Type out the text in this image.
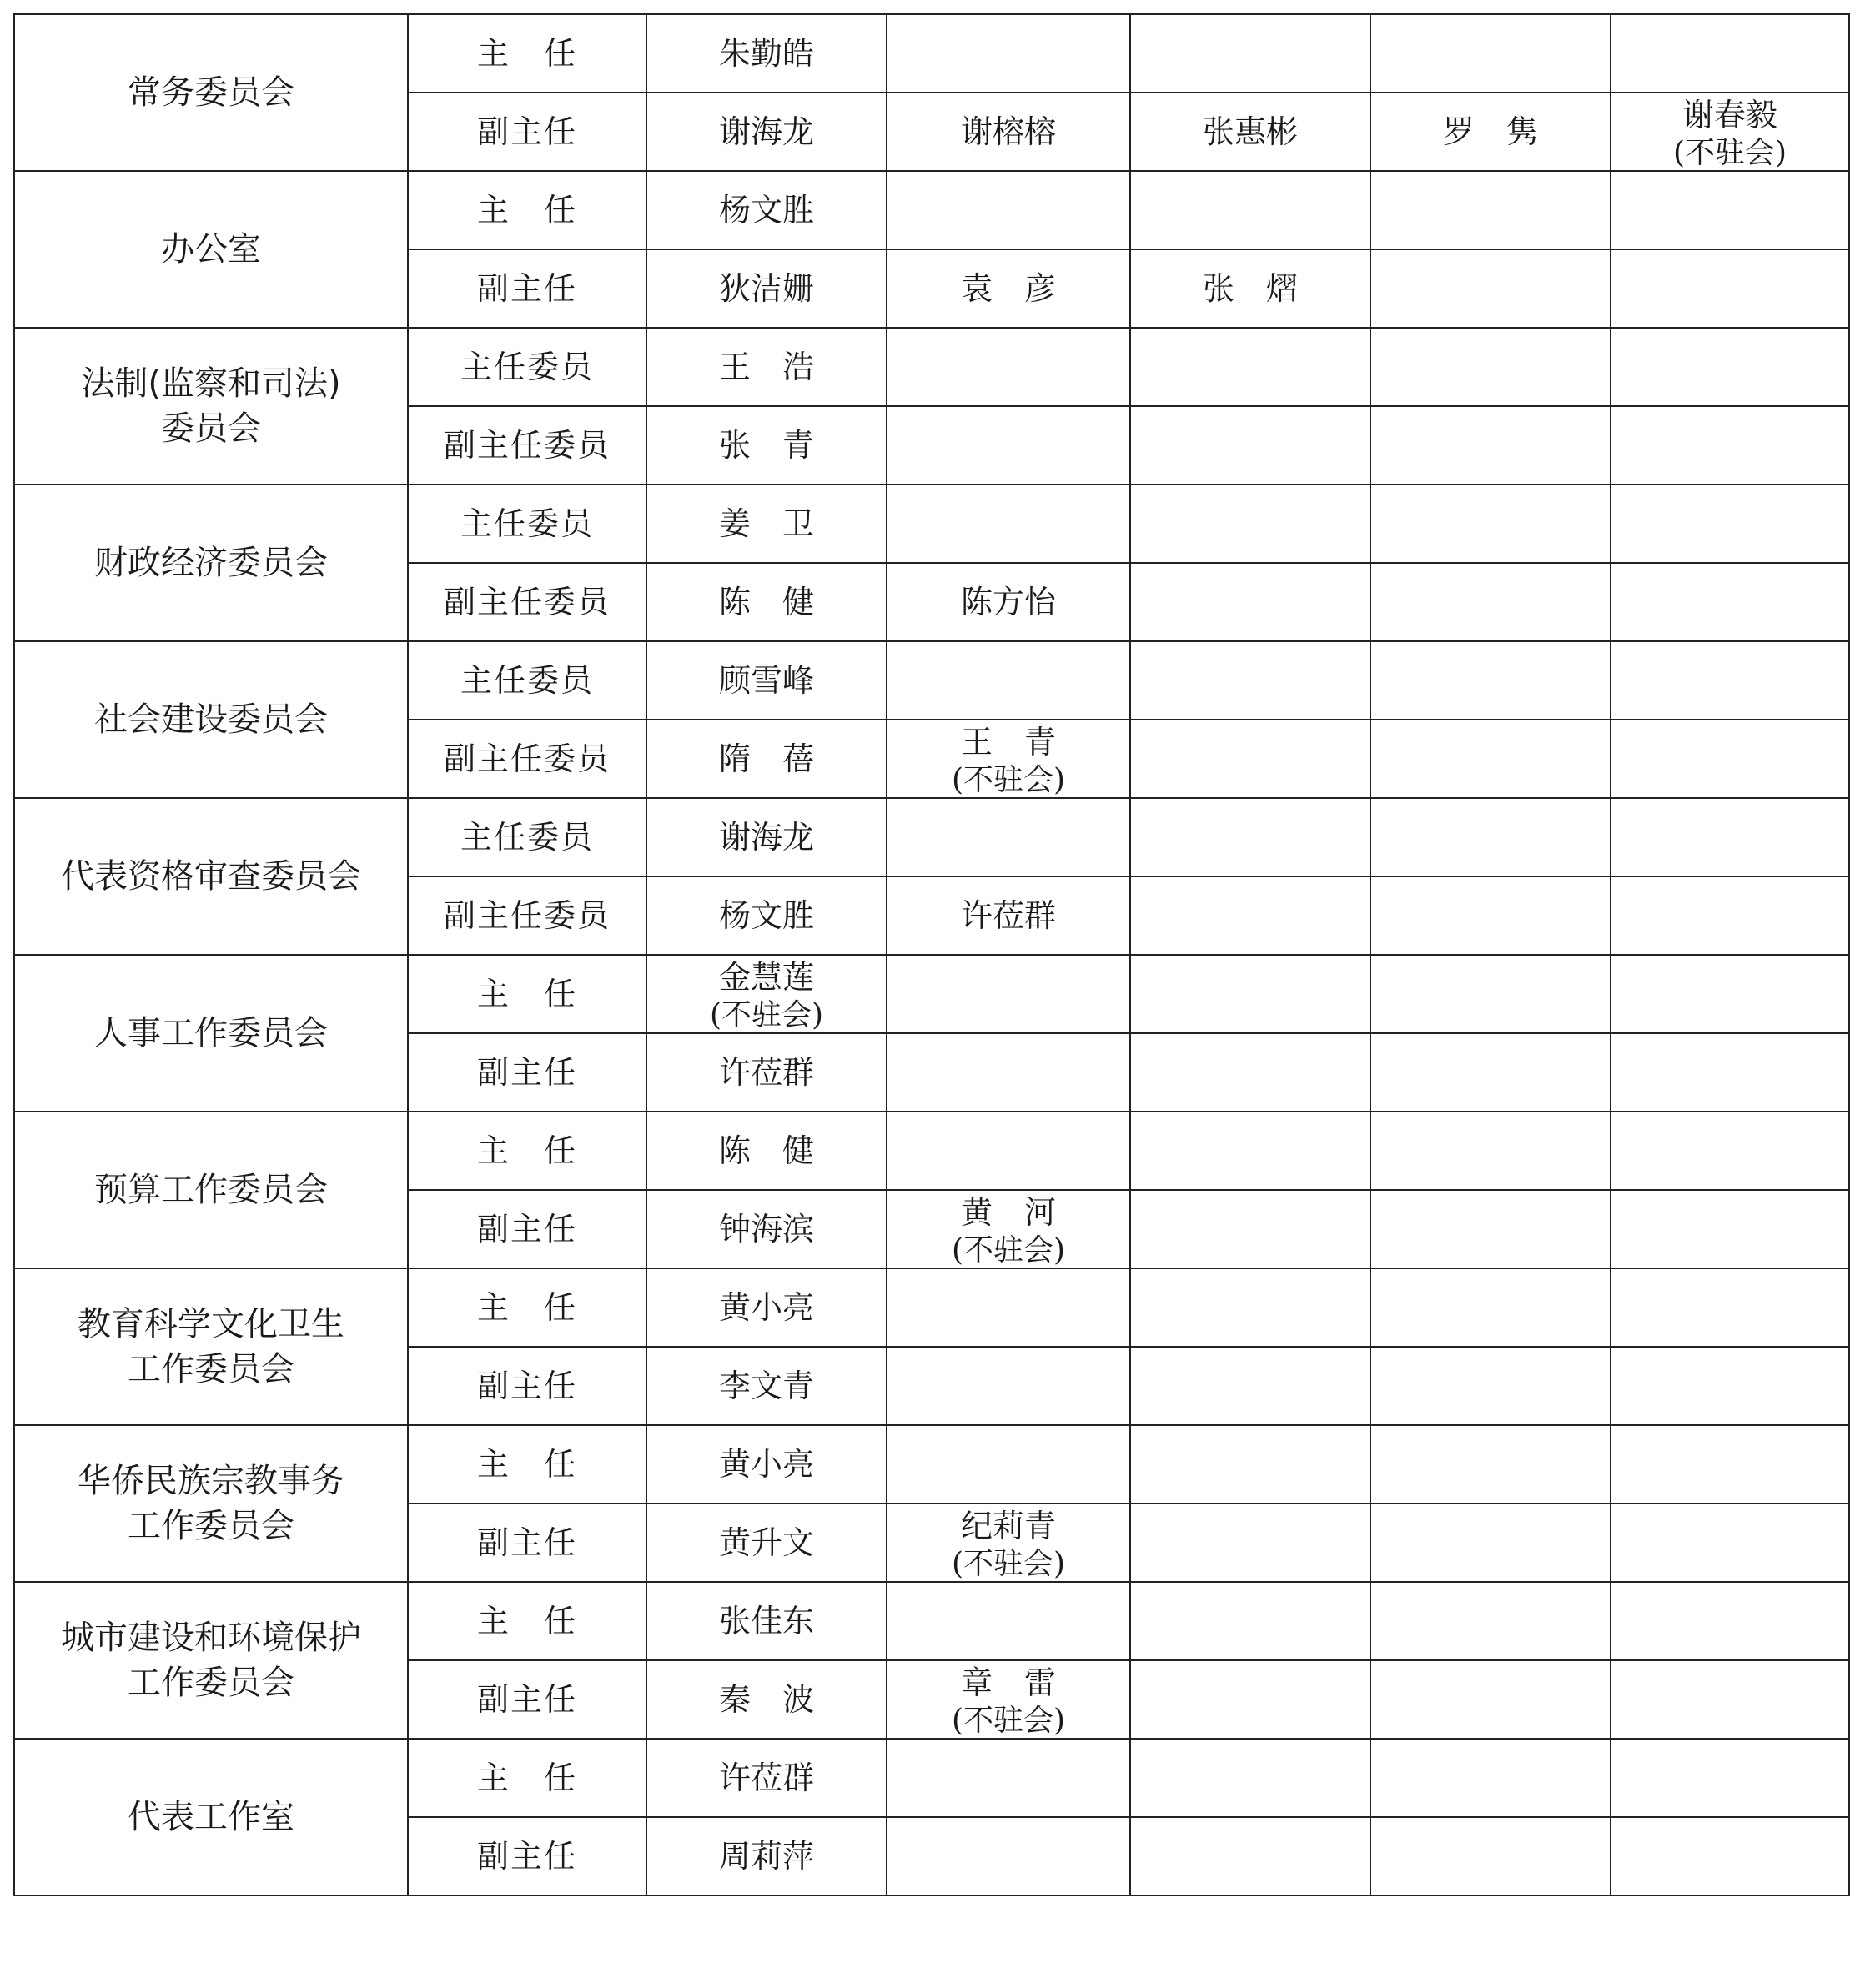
常务委员会	主　任	朱勤皓				

	副主任	谢海龙	谢榕榕	张惠彬	罗　隽	谢春毅
(不驻会)

办公室	主　任	杨文胜				

	副主任	狄洁姗	袁　彦	张　熠		

法制(监察和司法)
委员会	主任委员	王　浩				

	副主任委员	张　青				

财政经济委员会	主任委员	姜　卫				

	副主任委员	陈　健	陈方怡			

社会建设委员会	主任委员	顾雪峰				

	副主任委员	隋　蓓	王　青
(不驻会)			

代表资格审查委员会	主任委员	谢海龙				

	副主任委员	杨文胜	许莅群			

人事工作委员会	主　任	金慧莲
(不驻会)				

	副主任	许莅群				

预算工作委员会	主　任	陈　健				

	副主任	钟海滨	黄　河
(不驻会)			

教育科学文化卫生
工作委员会	主　任	黄小亮				

	副主任	李文青				

华侨民族宗教事务
工作委员会	主　任	黄小亮				

	副主任	黄升文	纪莉青
(不驻会)			

城市建设和环境保护
工作委员会	主　任	张佳东				

	副主任	秦　波	章　雷
(不驻会)			

代表工作室	主　任	许莅群				

	副主任	周莉萍				
